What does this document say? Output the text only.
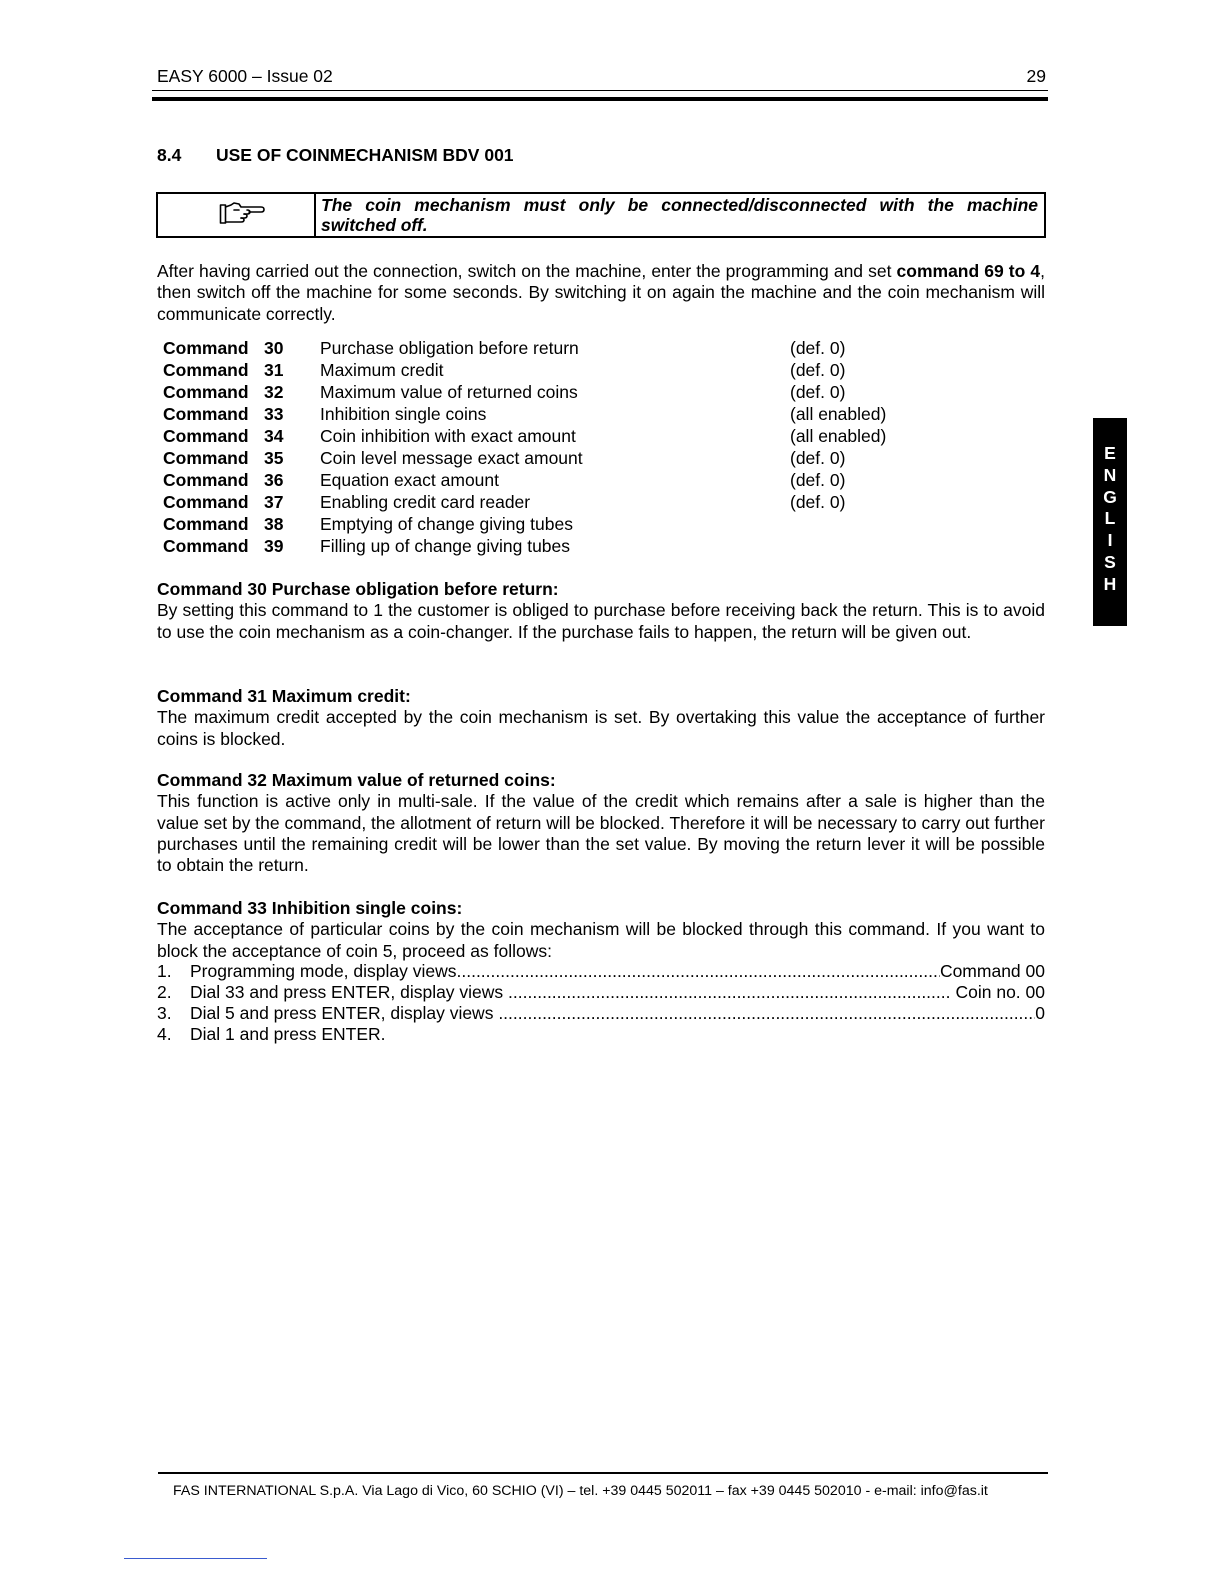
EASY 6000 – Issue 02	29
8.4 USE OF COINMECHANISM BDV 001
The coin mechanism must only be connected/disconnected with the machine switched off.
After having carried out the connection, switch on the machine, enter the programming and set command 69 to 4, then switch off the machine for some seconds. By switching it on again the machine and the coin mechanism will communicate correctly.
Command 30 Purchase obligation before return	(def. 0)
Command 31 Maximum credit	(def. 0)
Command 32 Maximum value of returned coins	(def. 0)
Command 33 Inhibition single coins	(all enabled)
Command 34 Coin inhibition with exact amount	(all enabled)
Command 35 Coin level message exact amount	(def. 0)
Command 36 Equation exact amount	(def. 0)
Command 37 Enabling credit card reader	(def. 0)
Command 38 Emptying of change giving tubes
Command 39 Filling up of change giving tubes
Command 30 Purchase obligation before return:
By setting this command to 1 the customer is obliged to purchase before receiving back the return. This is to avoid to use the coin mechanism as a coin-changer. If the purchase fails to happen, the return will be given out.
Command 31 Maximum credit:
The maximum credit accepted by the coin mechanism is set. By overtaking this value the acceptance of further coins is blocked.
Command 32 Maximum value of returned coins:
This function is active only in multi-sale. If the value of the credit which remains after a sale is higher than the value set by the command, the allotment of return will be blocked. Therefore it will be necessary to carry out further purchases until the remaining credit will be lower than the set value. By moving the return lever it will be possible to obtain the return.
Command 33 Inhibition single coins:
The acceptance of particular coins by the coin mechanism will be blocked through this command. If you want to block the acceptance of coin 5, proceed as follows:
1.	Programming mode, display views .....	Command 00
2.	Dial 33 and press ENTER, display views .....	Coin no. 00
3.	Dial 5 and press ENTER, display views .....	0
4.	Dial 1 and press ENTER.
E
N
G
L
I
S
H
FAS INTERNATIONAL S.p.A. Via Lago di Vico, 60 SCHIO (VI) – tel. +39 0445 502011 – fax +39 0445 502010 - e-mail: info@fas.it
